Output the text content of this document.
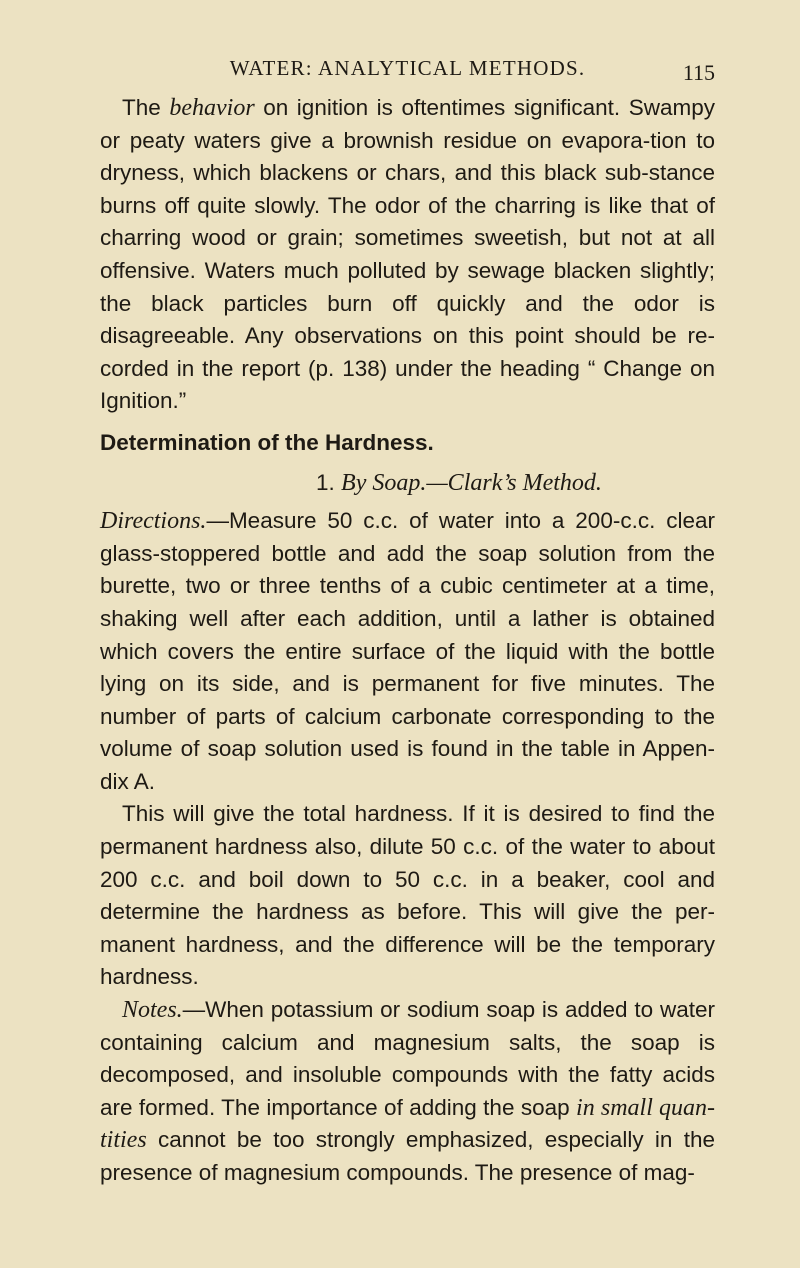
WATER: ANALYTICAL METHODS.	115

The behavior on ignition is oftentimes significant. Swampy or peaty waters give a brownish residue on evapora-tion to dryness, which blackens or chars, and this black sub-stance burns off quite slowly. The odor of the charring is like that of charring wood or grain; sometimes sweetish, but not at all offensive. Waters much polluted by sewage blacken slightly; the black particles burn off quickly and the odor is disagreeable. Any observations on this point should be re-corded in the report (p. 138) under the heading “ Change on Ignition.”

Determination of the Hardness.
1. By Soap.—Clark’s Method.

Directions.—Measure 50 c.c. of water into a 200-c.c. clear glass-stoppered bottle and add the soap solution from the burette, two or three tenths of a cubic centimeter at a time, shaking well after each addition, until a lather is obtained which covers the entire surface of the liquid with the bottle lying on its side, and is permanent for five minutes. The number of parts of calcium carbonate corresponding to the volume of soap solution used is found in the table in Appen-dix A.

This will give the total hardness. If it is desired to find the permanent hardness also, dilute 50 c.c. of the water to about 200 c.c. and boil down to 50 c.c. in a beaker, cool and determine the hardness as before. This will give the per-manent hardness, and the difference will be the temporary hardness.

Notes.—When potassium or sodium soap is added to water containing calcium and magnesium salts, the soap is decomposed, and insoluble compounds with the fatty acids are formed. The importance of adding the soap in small quan-tities cannot be too strongly emphasized, especially in the presence of magnesium compounds. The presence of mag-
